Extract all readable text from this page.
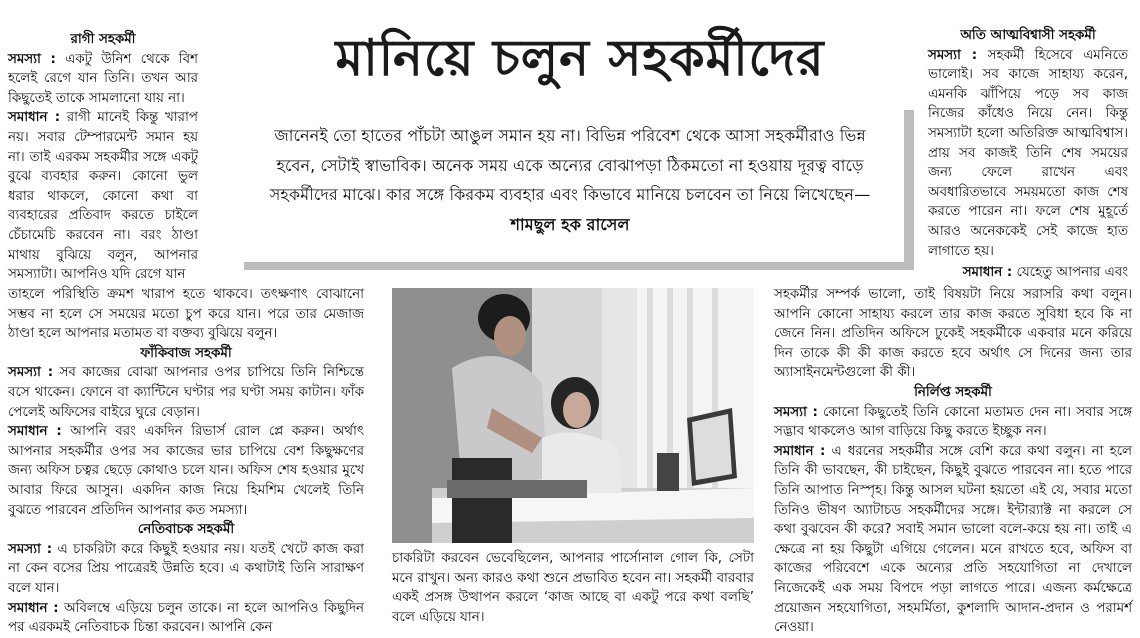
মানিয়ে চলুন সহকর্মীদের
জানেনই তো হাতের পাঁচটা আঙুল সমান হয় না। বিভিন্ন পরিবেশ থেকে আসা সহকর্মীরাও ভিন্ন হবেন, সেটাই স্বাভাবিক। অনেক সময় একে অন্যের বোঝাপড়া ঠিকমতো না হওয়ায় দূরত্ব বাড়ে সহকর্মীদের মাঝে। কার সঙ্গে কিরকম ব্যবহার এবং কিভাবে মানিয়ে চলবেন তা নিয়ে লিখেছেন— শামছুল হক রাসেল

রাগী সহকর্মী

সমস্যা : একটু উনিশ থেকে বিশ হলেই রেগে যান তিনি। তখন আর কিছুতেই তাকে সামলানো যায় না।

সমাধান : রাগী মানেই কিন্তু খারাপ নয়। সবার টেম্পারমেন্ট সমান হয় না। তাই এরকম সহকর্মীর সঙ্গে একটু বুঝে ব্যবহার করুন। কোনো ভুল ধরার থাকলে, কোনো কথা বা ব্যবহারের প্রতিবাদ করতে চাইলে চেঁচামেচি করবেন না। বরং ঠাণ্ডা মাথায় বুঝিয়ে বলুন, আপনার সমস্যাটা। আপনিও যদি রেগে যান

তাহলে পরিস্থিতি ক্রমশ খারাপ হতে থাকবে। তৎক্ষণাৎ বোঝানো সম্ভব না হলে সে সময়ের মতো চুপ করে যান। পরে তার মেজাজ ঠাণ্ডা হলে আপনার মতামত বা বক্তব্য বুঝিয়ে বলুন।

ফাঁকিবাজ সহকর্মী

সমস্যা : সব কাজের বোঝা আপনার ওপর চাপিয়ে তিনি নিশ্চিন্তে বসে থাকেন। ফোনে বা ক্যান্টিনে ঘণ্টার পর ঘণ্টা সময় কাটান। ফাঁক পেলেই অফিসের বাইরে ঘুরে বেড়ান।

সমাধান : আপনি বরং একদিন রিভার্স রোল প্লে করুন। অর্থাৎ আপনার সহকর্মীর ওপর সব কাজের ভার চাপিয়ে বেশ কিছুক্ষণের জন্য অফিস চত্বর ছেড়ে কোথাও চলে যান। অফিস শেষ হওয়ার মুখে আবার ফিরে আসুন। একদিন কাজ নিয়ে হিমশিম খেলেই তিনি বুঝতে পারবেন প্রতিদিন আপনার কত সমস্যা।

নেতিবাচক সহকর্মী

সমস্যা : এ চাকরিটা করে কিছুই হওয়ার নয়। যতই খেটে কাজ করা না কেন বসের প্রিয় পাত্রেরই উন্নতি হবে। এ কথাটাই তিনি সারাক্ষণ বলে যান।

সমাধান : অবিলম্বে এড়িয়ে চলুন তাকে। না হলে আপনিও কিছুদিন পর এরকমই নেতিবাচক চিন্তা করবেন। আপনি কেন

চাকরিটা করবেন ভেবেছিলেন, আপনার পার্সোনাল গোল কি, সেটা মনে রাখুন। অন্য কারও কথা শুনে প্রভাবিত হবেন না। সহকর্মী বারবার একই প্রসঙ্গ উত্থাপন করলে ‘কাজ আছে বা একটু পরে কথা বলছি’ বলে এড়িয়ে যান।

অতি আত্মবিশ্বাসী সহকর্মী

সমস্যা : সহকর্মী হিসেবে এমনিতে ভালোই। সব কাজে সাহায্য করেন, এমনকি ঝাঁপিয়ে পড়ে সব কাজ নিজের কাঁধেও নিয়ে নেন। কিন্তু সমস্যাটা হলো অতিরিক্ত আত্মবিশ্বাস। প্রায় সব কাজই তিনি শেষ সময়ের জন্য ফেলে রাখেন এবং অবধারিতভাবে সময়মতো কাজ শেষ করতে পারেন না। ফলে শেষ মুহূর্তে আরও অনেককেই সেই কাজে হাত লাগাতে হয়।

সমাধান : যেহেতু আপনার এবং

সহকর্মীর সম্পর্ক ভালো, তাই বিষয়টা নিয়ে সরাসরি কথা বলুন। আপনি কোনো সাহায্য করলে তার কাজ করতে সুবিধা হবে কি না জেনে নিন। প্রতিদিন অফিসে ঢুকেই সহকর্মীকে একবার মনে করিয়ে দিন তাকে কী কী কাজ করতে হবে অর্থাৎ সে দিনের জন্য তার অ্যাসাইনমেন্টগুলো কী কী।

নির্লিপ্ত সহকর্মী

সমস্যা : কোনো কিছুতেই তিনি কোনো মতামত দেন না। সবার সঙ্গে সদ্ভাব থাকলেও আগ বাড়িয়ে কিছু করতে ইচ্ছুক নন।

সমাধান : এ ধরনের সহকর্মীর সঙ্গে বেশি করে কথা বলুন। না হলে তিনি কী ভাবছেন, কী চাইছেন, কিছুই বুঝতে পারবেন না। হতে পারে তিনি আপাত নিস্পৃহ। কিন্তু আসল ঘটনা হয়তো এই যে, সবার মতো তিনিও ভীষণ অ্যাটাচড সহকর্মীদের সঙ্গে। ইন্টার‍্যাক্ট না করলে সে কথা বুঝবেন কী করে? সবাই সমান ভালো বলে-কয়ে হয় না। তাই এ ক্ষেত্রে না হয় কিছুটা এগিয়ে গেলেন। মনে রাখতে হবে, অফিস বা কাজের পরিবেশে একে অন্যের প্রতি সহযোগিতা না দেখালে নিজেকেই এক সময় বিপদে পড়া লাগতে পারে। এজন্য কর্মক্ষেত্রে প্রয়োজন সহযোগিতা, সহমর্মিতা, কুশলাদি আদান-প্রদান ও পরামর্শ নেওয়া।
